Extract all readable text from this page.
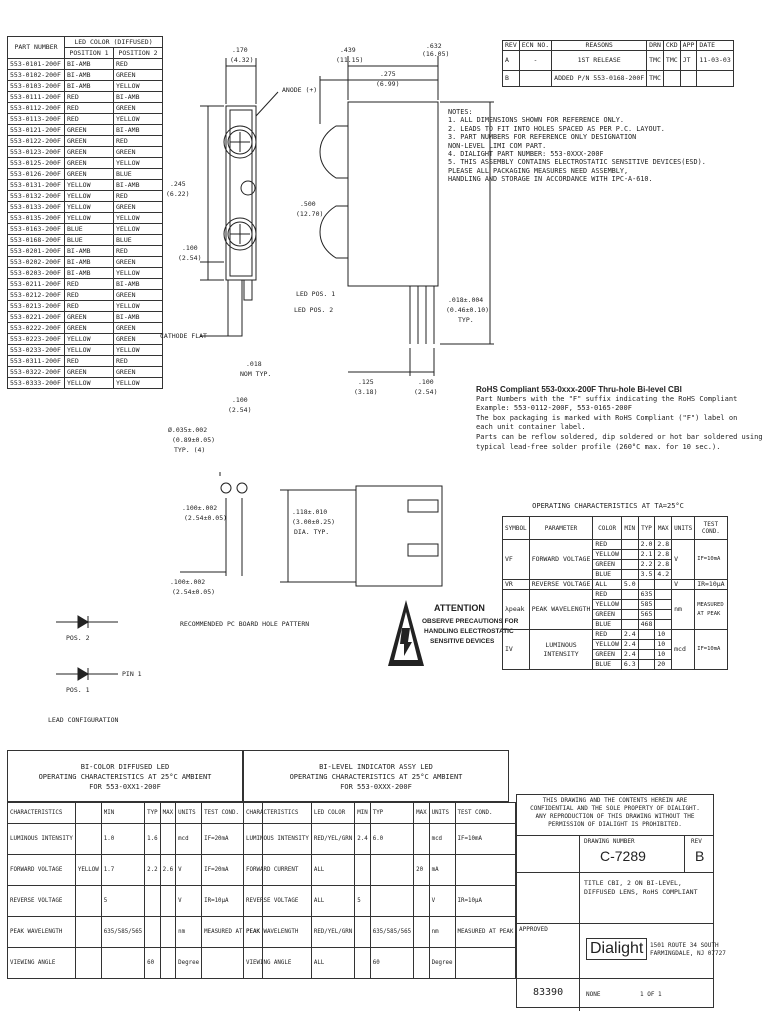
PART NUMBER	LED COLOR (DIFFUSED)	
	POSITION 1	POSITION 2
553-0101-200F	BI-AMB	RED
553-0102-200F	BI-AMB	GREEN
553-0103-200F	BI-AMB	YELLOW
553-0111-200F	RED	BI-AMB
553-0112-200F	RED	GREEN
553-0113-200F	RED	YELLOW
553-0121-200F	GREEN	BI-AMB
553-0122-200F	GREEN	RED
553-0123-200F	GREEN	GREEN
553-0125-200F	GREEN	YELLOW
553-0126-200F	GREEN	BLUE
553-0131-200F	YELLOW	BI-AMB
553-0132-200F	YELLOW	RED
553-0133-200F	YELLOW	GREEN
553-0135-200F	YELLOW	YELLOW
553-0163-200F	BLUE	YELLOW
553-0168-200F	BLUE	BLUE
553-0201-200F	BI-AMB	RED
553-0202-200F	BI-AMB	GREEN
553-0203-200F	BI-AMB	YELLOW
553-0211-200F	RED	BI-AMB
553-0212-200F	RED	GREEN
553-0213-200F	RED	YELLOW
553-0221-200F	GREEN	BI-AMB
553-0222-200F	GREEN	GREEN
553-0223-200F	YELLOW	GREEN
553-0233-200F	YELLOW	YELLOW
553-0311-200F	RED	RED
553-0322-200F	GREEN	GREEN
553-0333-200F	YELLOW	YELLOW
REV	ECN NO.	REASONS	DRN	CKD	APP	DATE
A	-	1ST RELEASE	TMC	TMC	JT	11-03-03
B		ADDED P/N 553-0168-200F	TMC			
NOTES:
1. ALL DIMENSIONS SHOWN FOR REFERENCE ONLY.
2. LEADS TO FIT INTO HOLES SPACED AS PER P.C. LAYOUT.
3. PART NUMBERS FOR REFERENCE ONLY DESIGNATION
NON-LEVEL LIMI COM PART.
4. DIALIGHT PART NUMBER: 553-0XXX-200F
5. THIS ASSEMBLY CONTAINS ELECTROSTATIC SENSITIVE DEVICES(ESD).
PLEASE ALL PACKAGING MEASURES NEED ASSEMBLY,
HANDLING AND STORAGE IN ACCORDANCE WITH IPC-A-610.
.170
(4.32)
.439
(11.15)
.275
(6.99)
.632
(16.05)
.245
(6.22)
.100
(2.54)
.500
(12.70)
ANODE (+)
CATHODE FLAT
LED POS. 1
LED POS. 2
.018±.004
(0.46±0.10)
TYP.
.125
(3.18)
.100
(2.54)
.018
NOM TYP.
.100
(2.54)
Ø.035±.002
(0.89±0.05)
TYP. (4)
.100±.002
(2.54±0.05)
.100±.002
(2.54±0.05)
.118±.010
(3.00±0.25)
DIA. TYP.
RECOMMENDED PC BOARD HOLE PATTERN
POS. 2
POS. 1
PIN 1
LEAD CONFIGURATION
RoHS Compliant 553-0xxx-200F Thru-hole Bi-level CBI
Part Numbers with the "F" suffix indicating the RoHS Compliant
Example: 553-0112-200F, 553-0165-200F
The box packaging is marked with RoHS Compliant ("F") label on
each unit container label.
Parts can be reflow soldered, dip soldered or hot bar soldered using
typical lead-free solder profile (260°C max. for 10 sec.).
ATTENTION
OBSERVE PRECAUTIONS FOR
HANDLING ELECTROSTATIC
SENSITIVE DEVICES
OPERATING CHARACTERISTICS AT TA=25°C
SYMBOL	PARAMETER	COLOR	MIN	TYP	MAX	UNITS	TEST COND.
VF	FORWARD VOLTAGE	RED		2.0	2.8	V	IF=10mA
		YELLOW		2.1	2.8		
		GREEN		2.2	2.8		
		BLUE		3.5	4.2		
VR	REVERSE VOLTAGE	ALL	5.0			V	IR=10μA
λpeak	PEAK WAVELENGTH	RED		635		nm	MEASURED AT PEAK
		YELLOW		585			
		GREEN		565			
		BLUE		468			
IV	LUMINOUS INTENSITY	RED	2.4		10	mcd	IF=10mA
		YELLOW	2.4		10		
		GREEN	2.4		10		
		BLUE	6.3		20		
BI-COLOR DIFFUSED LED
OPERATING CHARACTERISTICS AT 25°C AMBIENT
FOR 553-0XX1-200F
CHARACTERISTICS		MIN	TYP	MAX	UNITS	TEST COND.
LUMINOUS INTENSITY		1.0	1.6		mcd	IF=20mA
FORWARD VOLTAGE	YELLOW	1.7	2.2	2.6	V	IF=20mA
REVERSE VOLTAGE		5			V	IR=10μA
PEAK WAVELENGTH		635/585/565			nm	MEASURED AT PEAK
VIEWING ANGLE			60		Degree	
BI-LEVEL INDICATOR ASSY LED
OPERATING CHARACTERISTICS AT 25°C AMBIENT
FOR 553-0XXX-200F
CHARACTERISTICS	LED COLOR	MIN	TYP	MAX	UNITS	TEST COND.
LUMINOUS INTENSITY	RED/YEL/GRN	2.4	6.0		mcd	IF=10mA
FORWARD CURRENT	ALL			20	mA	
REVERSE VOLTAGE	ALL	5			V	IR=10μA
PEAK WAVELENGTH	RED/YEL/GRN		635/585/565		nm	MEASURED AT PEAK
VIEWING ANGLE	ALL		60		Degree	
THIS DRAWING AND THE CONTENTS HEREIN ARE CONFIDENTIAL AND THE SOLE PROPERTY OF DIALIGHT. ANY REPRODUCTION OF THIS DRAWING WITHOUT THE PERMISSION OF DIALIGHT IS PROHIBITED.
DRAWING NUMBER
C-7289
REV
B
TITLE CBI, 2 ON BI-LEVEL, DIFFUSED LENS, RoHS COMPLIANT
APPROVED
Dialight	1501 ROUTE 34 SOUTH
FARMINGDALE, NJ 07727
83390	NONE	1 OF 1
